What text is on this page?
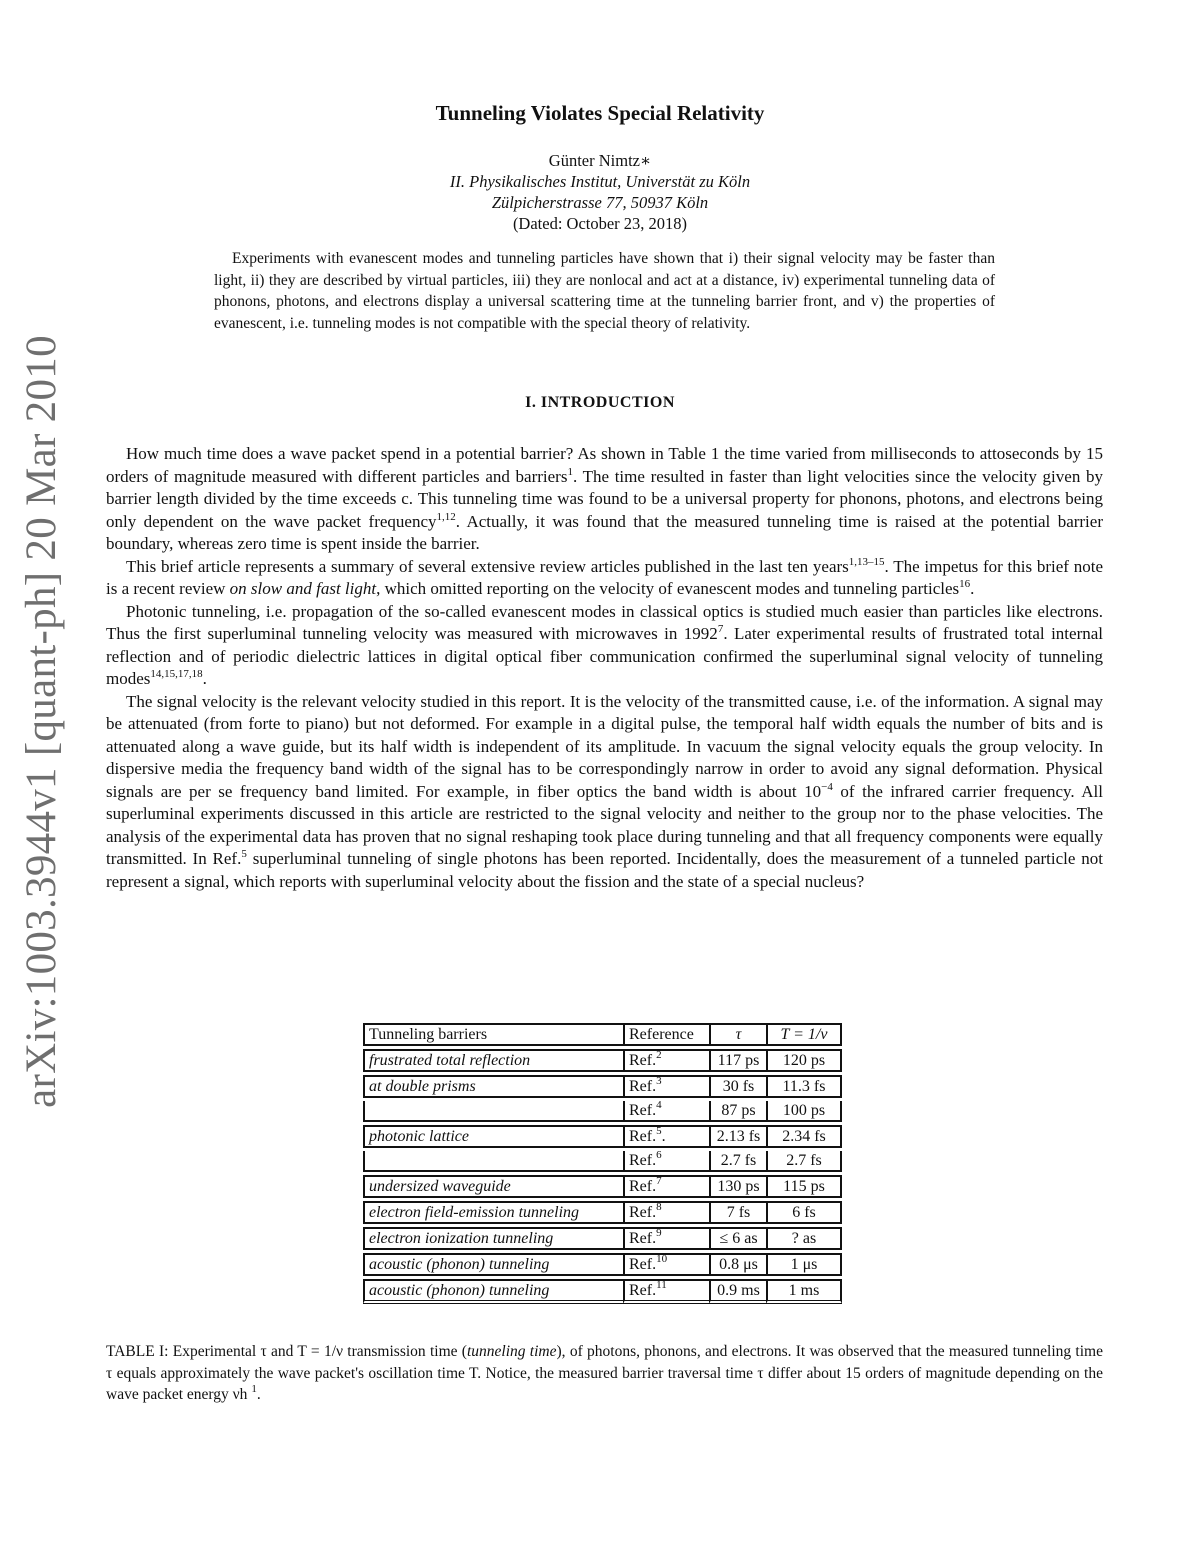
arXiv:1003.3944v1 [quant-ph] 20 Mar 2010
Tunneling Violates Special Relativity
Günter Nimtz∗
II. Physikalisches Institut, Universtät zu Köln
Zülpicherstrasse 77, 50937 Köln
(Dated: October 23, 2018)

Experiments with evanescent modes and tunneling particles have shown that i) their signal velocity may be faster than light, ii) they are described by virtual particles, iii) they are nonlocal and act at a distance, iv) experimental tunneling data of phonons, photons, and electrons display a universal scattering time at the tunneling barrier front, and v) the properties of evanescent, i.e. tunneling modes is not compatible with the special theory of relativity.

I. INTRODUCTION

How much time does a wave packet spend in a potential barrier? As shown in Table 1 the time varied from milliseconds to attoseconds by 15 orders of magnitude measured with different particles and barriers$^1$. The time resulted in faster than light velocities since the velocity given by barrier length divided by the time exceeds c. This tunneling time was found to be a universal property for phonons, photons, and electrons being only dependent on the wave packet frequency$^{1,12}$. Actually, it was found that the measured tunneling time is raised at the potential barrier boundary, whereas zero time is spent inside the barrier.

This brief article represents a summary of several extensive review articles published in the last ten years$^{1,13-15}$. The impetus for this brief note is a recent review on slow and fast light, which omitted reporting on the velocity of evanescent modes and tunneling particles$^{16}$.

Photonic tunneling, i.e. propagation of the so-called evanescent modes in classical optics is studied much easier than particles like electrons. Thus the first superluminal tunneling velocity was measured with microwaves in 1992$^7$. Later experimental results of frustrated total internal reflection and of periodic dielectric lattices in digital optical fiber communication confirmed the superluminal signal velocity of tunneling modes$^{14,15,17,18}$.

The signal velocity is the relevant velocity studied in this report. It is the velocity of the transmitted cause, i.e. of the information. A signal may be attenuated (from forte to piano) but not deformed. For example in a digital pulse, the temporal half width equals the number of bits and is attenuated along a wave guide, but its half width is independent of its amplitude. In vacuum the signal velocity equals the group velocity. In dispersive media the frequency band width of the signal has to be correspondingly narrow in order to avoid any signal deformation. Physical signals are per se frequency band limited. For example, in fiber optics the band width is about $10^{-4}$ of the infrared carrier frequency. All superluminal experiments discussed in this article are restricted to the signal velocity and neither to the group nor to the phase velocities. The analysis of the experimental data has proven that no signal reshaping took place during tunneling and that all frequency components were equally transmitted. In Ref.$^5$ superluminal tunneling of single photons has been reported. Incidentally, does the measurement of a tunneled particle not represent a signal, which reports with superluminal velocity about the fission and the state of a special nucleus?

Tunneling barriers	Reference	τ	T = 1/ν
frustrated total reflection	Ref.$^2$	117 ps	120 ps
at double prisms	Ref.$^3$	30 fs	11.3 fs
	Ref.$^4$	87 ps	100 ps
photonic lattice	Ref.$^5$.	2.13 fs	2.34 fs
	Ref.$^6$	2.7 fs	2.7 fs
undersized waveguide	Ref.$^7$	130 ps	115 ps
electron field-emission tunneling	Ref.$^8$	7 fs	6 fs
electron ionization tunneling	Ref.$^9$	≤ 6 as	? as
acoustic (phonon) tunneling	Ref.$^{10}$	0.8 μs	1 μs
acoustic (phonon) tunneling	Ref.$^{11}$	0.9 ms	1 ms
TABLE I: Experimental τ and T = 1/ν transmission time (tunneling time), of photons, phonons, and electrons. It was observed that the measured tunneling time τ equals approximately the wave packet's oscillation time T. Notice, the measured barrier traversal time τ differ about 15 orders of magnitude depending on the wave packet energy νh $^1$.
